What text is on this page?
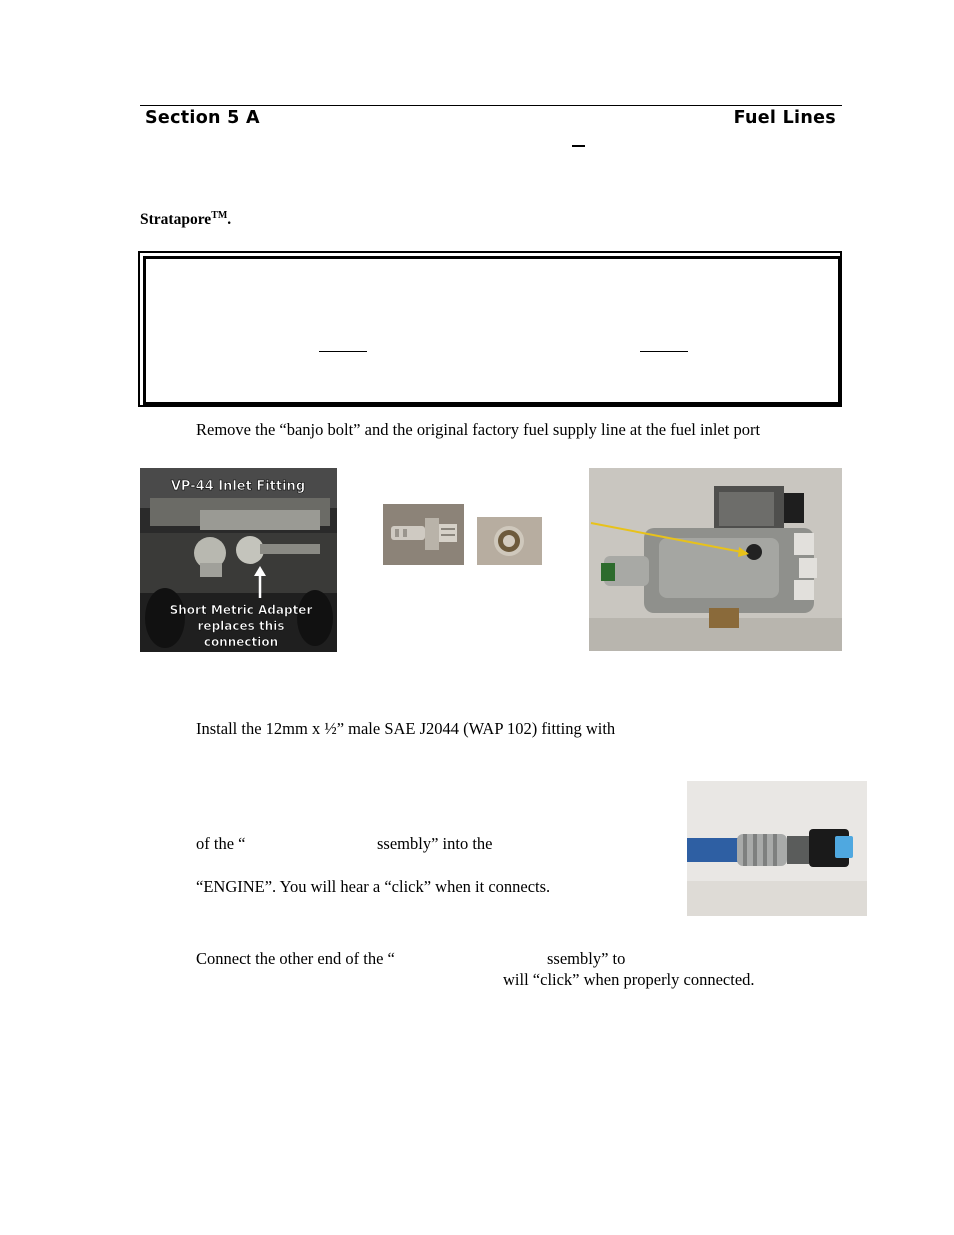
Section 5 A	Fuel Lines
Stratapore™.
Remove the “banjo bolt” and the original factory fuel supply line at the fuel inlet port
VP-44 Inlet Fitting
Short Metric Adapter
replaces this
connection
Install the 12mm x ½” male SAE J2044 (WAP 102) fitting with
of the “	ssembly” into the
“ENGINE”. You will hear a “click” when it connects.
Connect the other end of the “	ssembly” to
will “click” when properly connected.
